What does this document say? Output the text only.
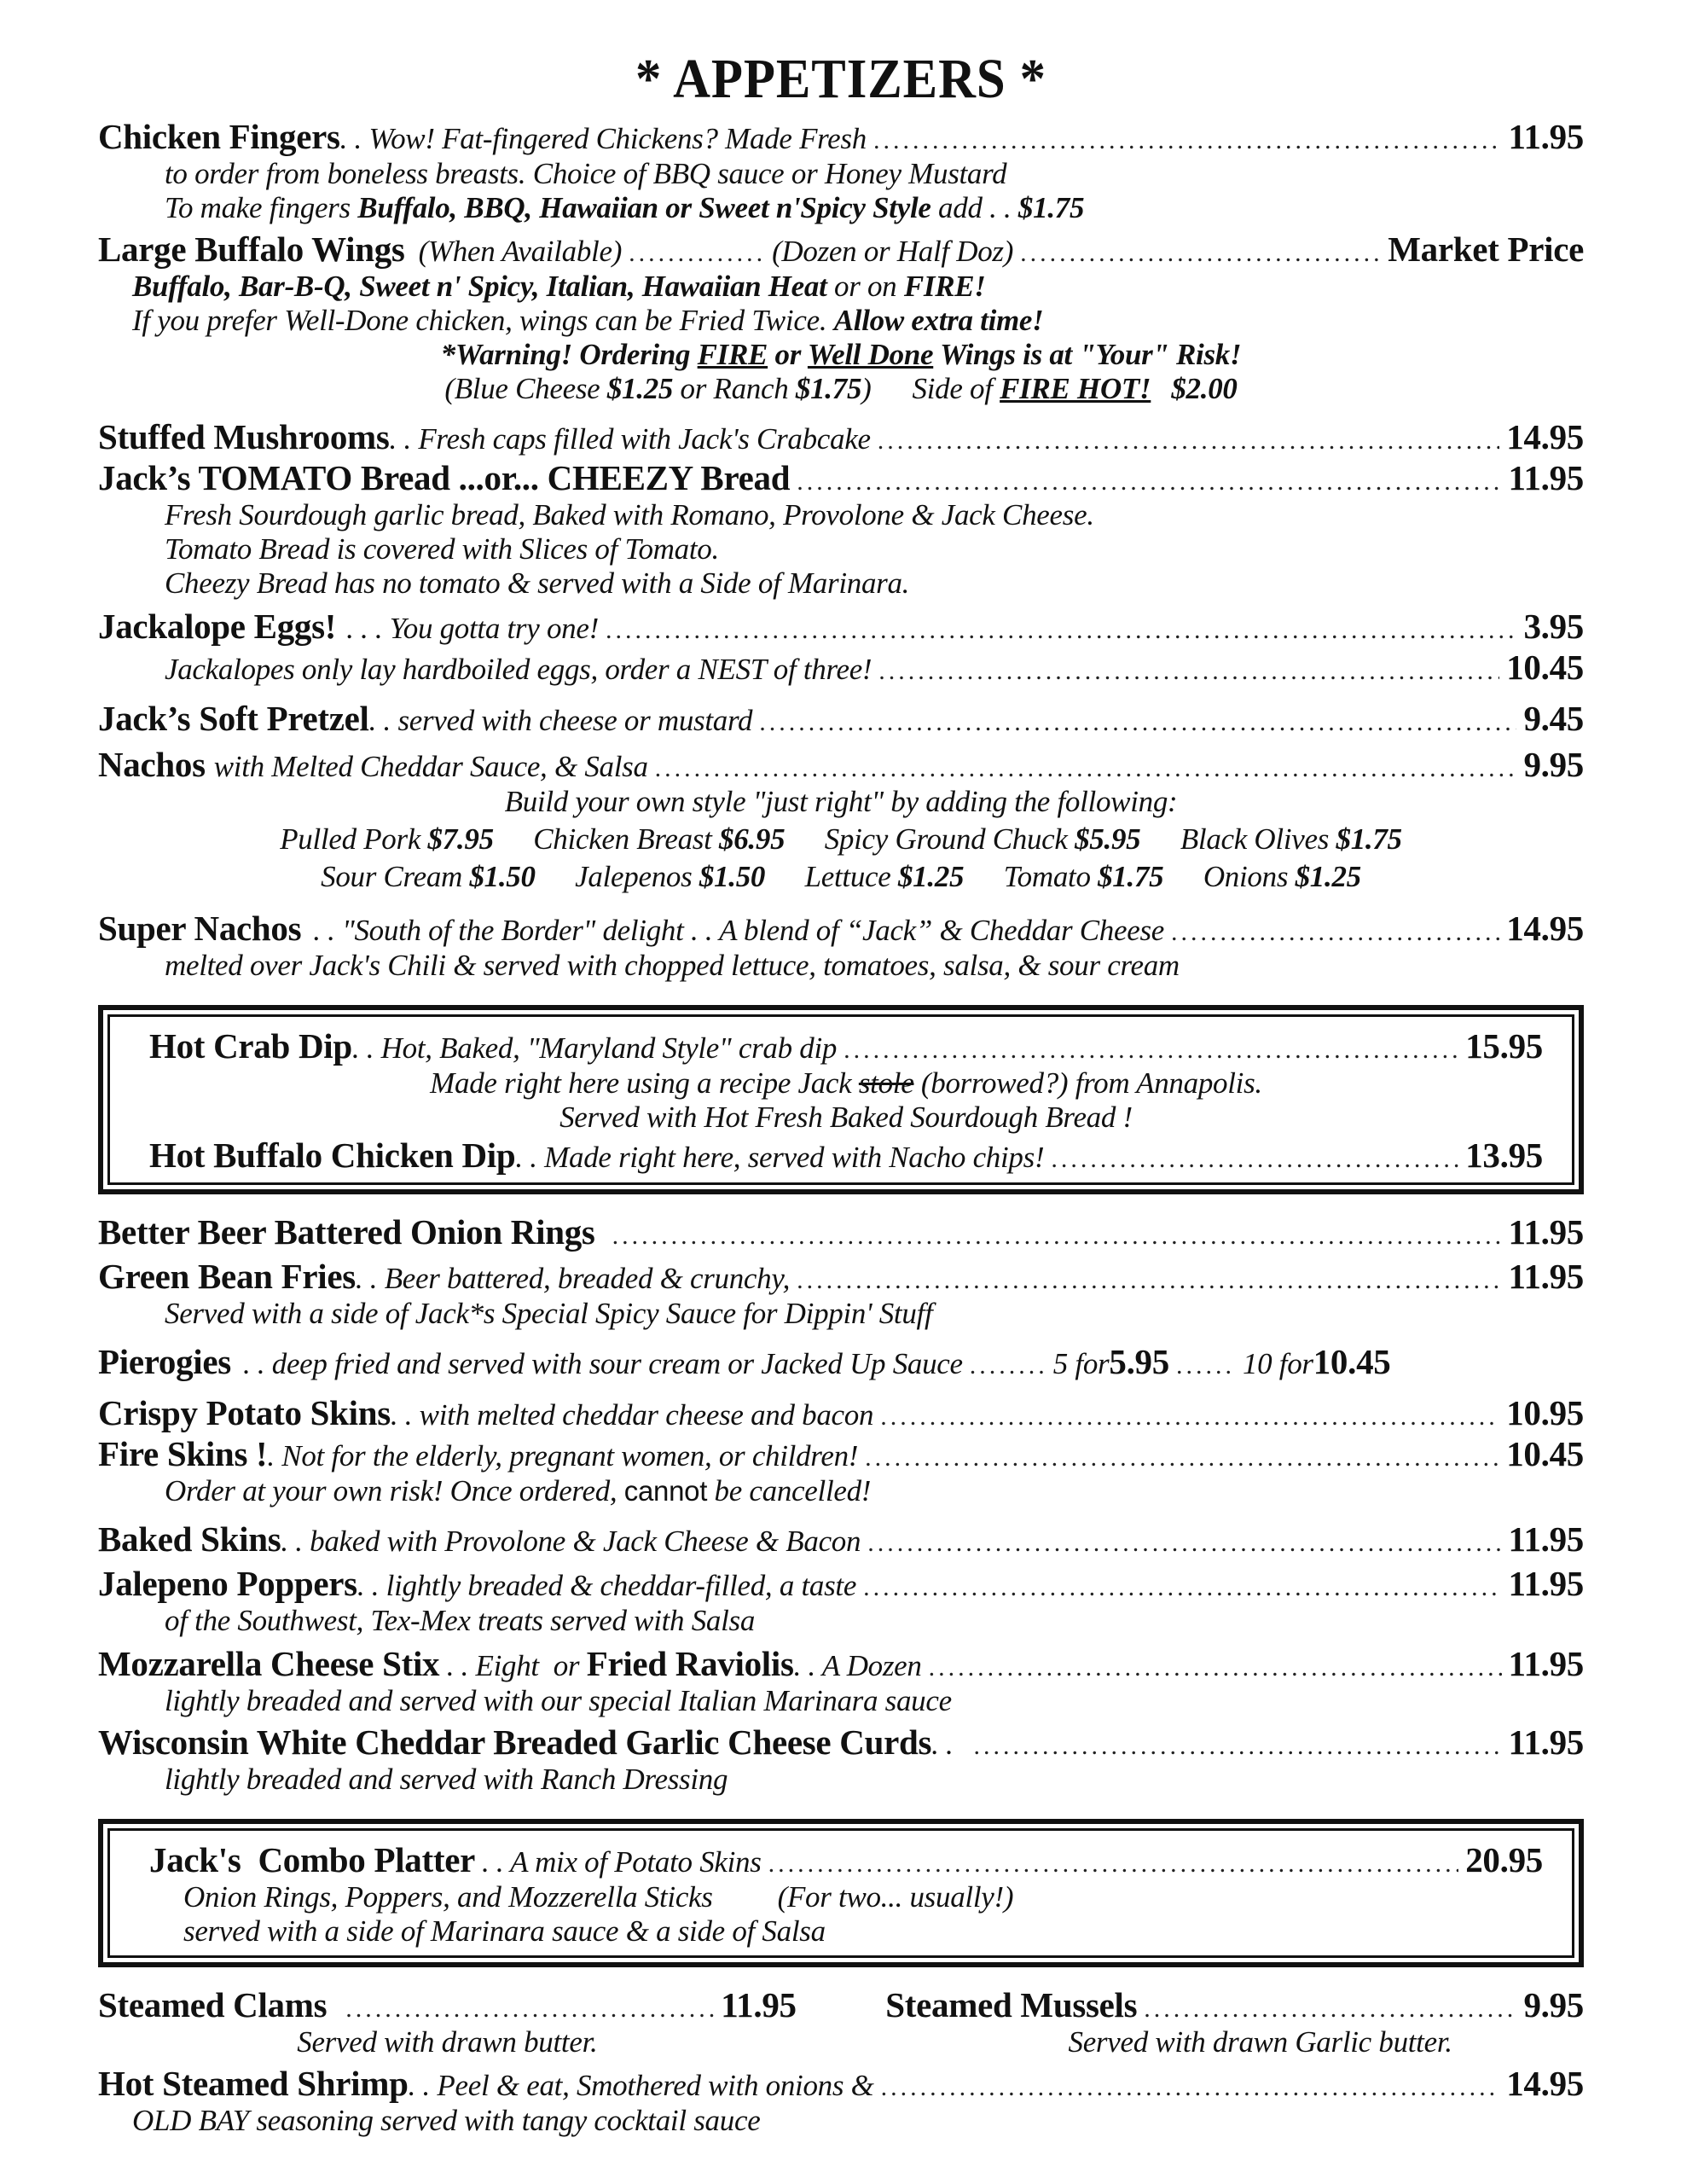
* APPETIZERS *
Chicken Fingers . . Wow! Fat-fingered Chickens? Made Fresh .....	11.95
to order from boneless breasts. Choice of BBQ sauce or Honey Mustard
To make fingers Buffalo, BBQ, Hawaiian or Sweet n'Spicy Style add . . $1.75
Large Buffalo Wings (When Available) .....	(Dozen or Half Doz) .....	Market Price
Buffalo, Bar-B-Q, Sweet n' Spicy, Italian, Hawaiian Heat or on FIRE!
If you prefer Well-Done chicken, wings can be Fried Twice. Allow extra time!
*Warning! Ordering FIRE or Well Done Wings is at "Your" Risk!
(Blue Cheese $1.25 or Ranch $1.75) Side of FIRE HOT! $2.00
Stuffed Mushrooms . . Fresh caps filled with Jack's Crabcake .....	14.95
Jack’s TOMATO Bread ...or... CHEEZY Bread .....	11.95
Fresh Sourdough garlic bread, Baked with Romano, Provolone & Jack Cheese.
Tomato Bread is covered with Slices of Tomato.
Cheezy Bread has no tomato & served with a Side of Marinara.
Jackalope Eggs! . . . You gotta try one! .....	3.95
Jackalopes only lay hardboiled eggs, order a NEST of three! .....	10.45
Jack’s Soft Pretzel . . served with cheese or mustard .....	9.45
Nachos with Melted Cheddar Sauce, & Salsa .....	9.95
Build your own style "just right" by adding the following:
Pulled Pork $7.95 Chicken Breast $6.95 Spicy Ground Chuck $5.95 Black Olives $1.75
Sour Cream $1.50 Jalepenos $1.50 Lettuce $1.25 Tomato $1.75 Onions $1.25
Super Nachos . . "South of the Border" delight . . A blend of “Jack” & Cheddar Cheese .....	14.95
melted over Jack's Chili & served with chopped lettuce, tomatoes, salsa, & sour cream
Hot Crab Dip . . Hot, Baked, "Maryland Style" crab dip .....	15.95
Made right here using a recipe Jack stole (borrowed?) from Annapolis.
Served with Hot Fresh Baked Sourdough Bread !
Hot Buffalo Chicken Dip . . Made right here, served with Nacho chips! .....	13.95
Better Beer Battered Onion Rings .....	11.95
Green Bean Fries . . Beer battered, breaded & crunchy, .....	11.95
Served with a side of Jack*s Special Spicy Sauce for Dippin' Stuff
Pierogies . . deep fried and served with sour cream or Jacked Up Sauce .....	5 for 5.95 ..... 10 for 10.45
Crispy Potato Skins . . with melted cheddar cheese and bacon .....	10.95
Fire Skins ! . Not for the elderly, pregnant women, or children! .....	10.45
Order at your own risk! Once ordered, cannot be cancelled!
Baked Skins . . baked with Provolone & Jack Cheese & Bacon .....	11.95
Jalepeno Poppers . . lightly breaded & cheddar-filled, a taste .....	11.95
of the Southwest, Tex-Mex treats served with Salsa
Mozzarella Cheese Stix . . Eight  or Fried Raviolis . . A Dozen .....	11.95
lightly breaded and served with our special Italian Marinara sauce
Wisconsin White Cheddar Breaded Garlic Cheese Curds . . .....	11.95
lightly breaded and served with Ranch Dressing
Jack's  Combo Platter . . A mix of Potato Skins .....	20.95
Onion Rings, Poppers, and Mozzerella Sticks (For two... usually!)
served with a side of Marinara sauce & a side of Salsa
Steamed Clams .....	11.95
Served with drawn butter.
Steamed Mussels .....	9.95
Served with drawn Garlic butter.
Hot Steamed Shrimp . . Peel & eat, Smothered with onions & .....	14.95
OLD BAY seasoning served with tangy cocktail sauce
